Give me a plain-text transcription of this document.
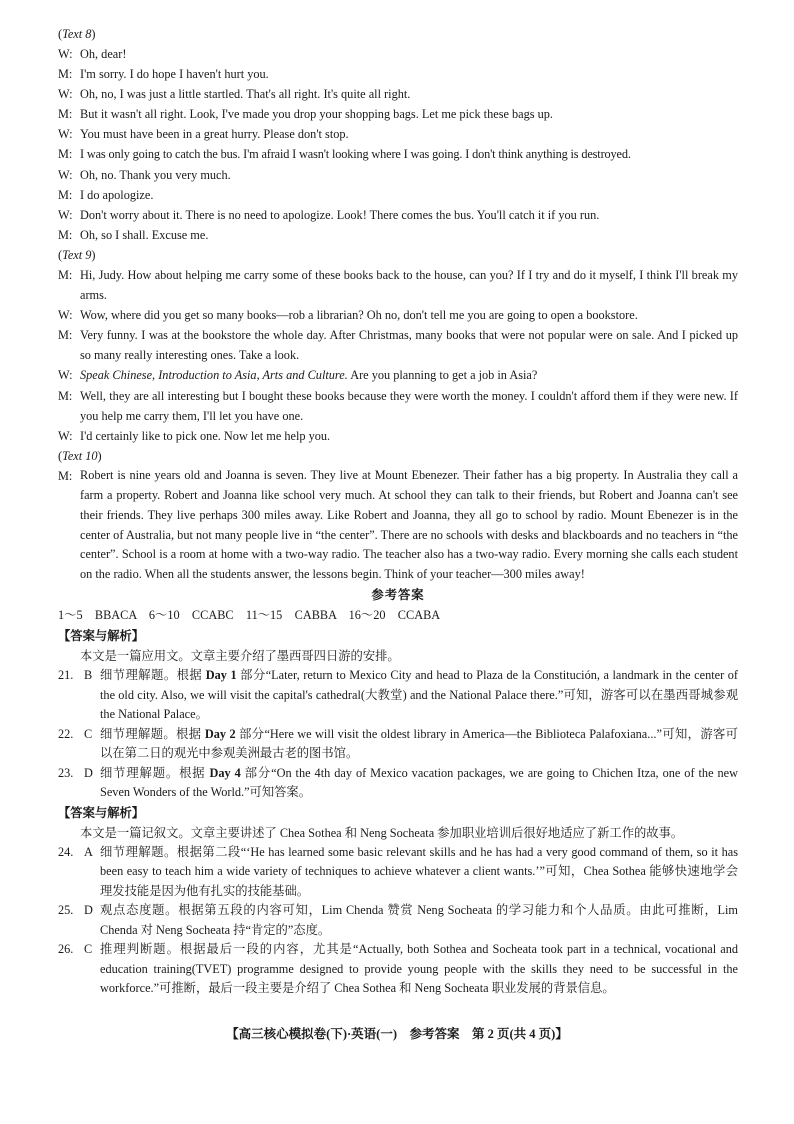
(Text 8)
W: Oh, dear!
M: I'm sorry. I do hope I haven't hurt you.
W: Oh, no, I was just a little startled. That's all right. It's quite all right.
M: But it wasn't all right. Look, I've made you drop your shopping bags. Let me pick these bags up.
W: You must have been in a great hurry. Please don't stop.
M: I was only going to catch the bus. I'm afraid I wasn't looking where I was going. I don't think anything is destroyed.
W: Oh, no. Thank you very much.
M: I do apologize.
W: Don't worry about it. There is no need to apologize. Look! There comes the bus. You'll catch it if you run.
M: Oh, so I shall. Excuse me.
(Text 9)
M: Hi, Judy. How about helping me carry some of these books back to the house, can you? If I try and do it myself, I think I'll break my arms.
W: Wow, where did you get so many books—rob a librarian? Oh no, don't tell me you are going to open a bookstore.
M: Very funny. I was at the bookstore the whole day. After Christmas, many books that were not popular were on sale. And I picked up so many really interesting ones. Take a look.
W: Speak Chinese, Introduction to Asia, Arts and Culture. Are you planning to get a job in Asia?
M: Well, they are all interesting but I bought these books because they were worth the money. I couldn't afford them if they were new. If you help me carry them, I'll let you have one.
W: I'd certainly like to pick one. Now let me help you.
(Text 10)
M: Robert is nine years old and Joanna is seven. They live at Mount Ebenezer. Their father has a big property. In Australia they call a farm a property. Robert and Joanna like school very much. At school they can talk to their friends, but Robert and Joanna can't see their friends. They live perhaps 300 miles away. Like Robert and Joanna, they all go to school by radio. Mount Ebenezer is in the center of Australia, but not many people live in “the center”. There are no schools with desks and blackboards and no teachers in “the center”. School is a room at home with a two-way radio. The teacher also has a two-way radio. Every morning she calls each student on the radio. When all the students answer, the lessons begin. Think of your teacher—300 miles away!
参考答案
1～5　BBACA　6～10　CCABC　11～15　CABBA　16～20　CCABA
【答案与解析】
本文是一篇应用文。文章主要介绍了墨西哥四日游的安排。
21. B 细节理解题。根据 Day 1 部分“Later, return to Mexico City and head to Plaza de la Constitución, a landmark in the center of the old city. Also, we will visit the capital's cathedral(大教堂) and the National Palace there.”可知，游客可以在墨西哥城参观 the National Palace。
22. C 细节理解题。根据 Day 2 部分“Here we will visit the oldest library in America—the Biblioteca Palafoxiana...”可知，游客可以在第二日的观光中参观美洲最古老的图书馆。
23. D 细节理解题。根据 Day 4 部分“On the 4th day of Mexico vacation packages, we are going to Chichen Itza, one of the new Seven Wonders of the World.”可知答案。
【答案与解析】
本文是一篇记叙文。文章主要讲述了 Chea Sothea 和 Neng Socheata 参加职业培训后很好地适应了新工作的故事。
24. A 细节理解题。根据第二段“‘He has learned some basic relevant skills and he has had a very good command of them, so it has been easy to teach him a wide variety of techniques to achieve whatever a client wants.’”可知，Chea Sothea 能够快速地学会理发技能是因为他有扎实的技能基础。
25. D 观点态度题。根据第五段的内容可知，Lim Chenda 赞赏 Neng Socheata 的学习能力和个人品质。由此可推断，Lim Chenda 对 Neng Socheata 持“肯定的”态度。
26. C 推理判断题。根据最后一段的内容，尤其是“Actually, both Sothea and Socheata took part in a technical, vocational and education training(TVET) programme designed to provide young people with the skills they need to be successful in the workforce.”可推断，最后一段主要是介绍了 Chea Sothea 和 Neng Socheata 职业发展的背景信息。
【高三核心模拟卷(下)·英语(一)　参考答案　第 2 页(共 4 页)】
